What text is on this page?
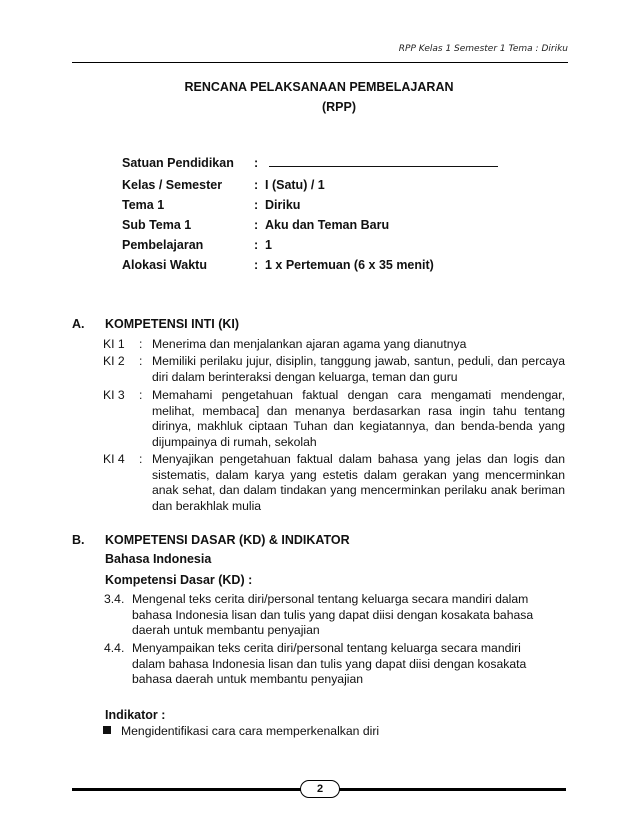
RPP Kelas 1 Semester 1 Tema : Diriku
RENCANA PELAKSANAAN PEMBELAJARAN
(RPP)
Satuan Pendidikan :
Kelas / Semester	: I (Satu) / 1
Tema 1	: Diriku
Sub Tema 1	: Aku dan Teman Baru
Pembelajaran	: 1
Alokasi Waktu	: 1 x Pertemuan (6 x 35 menit)
A. KOMPETENSI INTI (KI)
KI 1 : Menerima dan menjalankan ajaran agama yang dianutnya
KI 2 : Memiliki perilaku jujur, disiplin, tanggung jawab, santun, peduli, dan percaya diri dalam berinteraksi dengan keluarga, teman dan guru
KI 3 : Memahami pengetahuan faktual dengan cara mengamati mendengar, melihat, membaca] dan menanya berdasarkan rasa ingin tahu tentang dirinya, makhluk ciptaan Tuhan dan kegiatannya, dan benda-benda yang dijumpainya di rumah, sekolah
KI 4 : Menyajikan pengetahuan faktual dalam bahasa yang jelas dan logis dan sistematis, dalam karya yang estetis dalam gerakan yang mencerminkan anak sehat, dan dalam tindakan yang mencerminkan perilaku anak beriman dan berakhlak mulia
B. KOMPETENSI DASAR (KD) & INDIKATOR
Bahasa Indonesia
Kompetensi Dasar (KD) :
3.4. Mengenal teks cerita diri/personal tentang keluarga secara mandiri dalam bahasa Indonesia lisan dan tulis yang dapat diisi dengan kosakata bahasa daerah untuk membantu penyajian
4.4. Menyampaikan teks cerita diri/personal tentang keluarga secara mandiri dalam bahasa Indonesia lisan dan tulis yang dapat diisi dengan kosakata bahasa daerah untuk membantu penyajian
Indikator :
Mengidentifikasi cara cara memperkenalkan diri
2
